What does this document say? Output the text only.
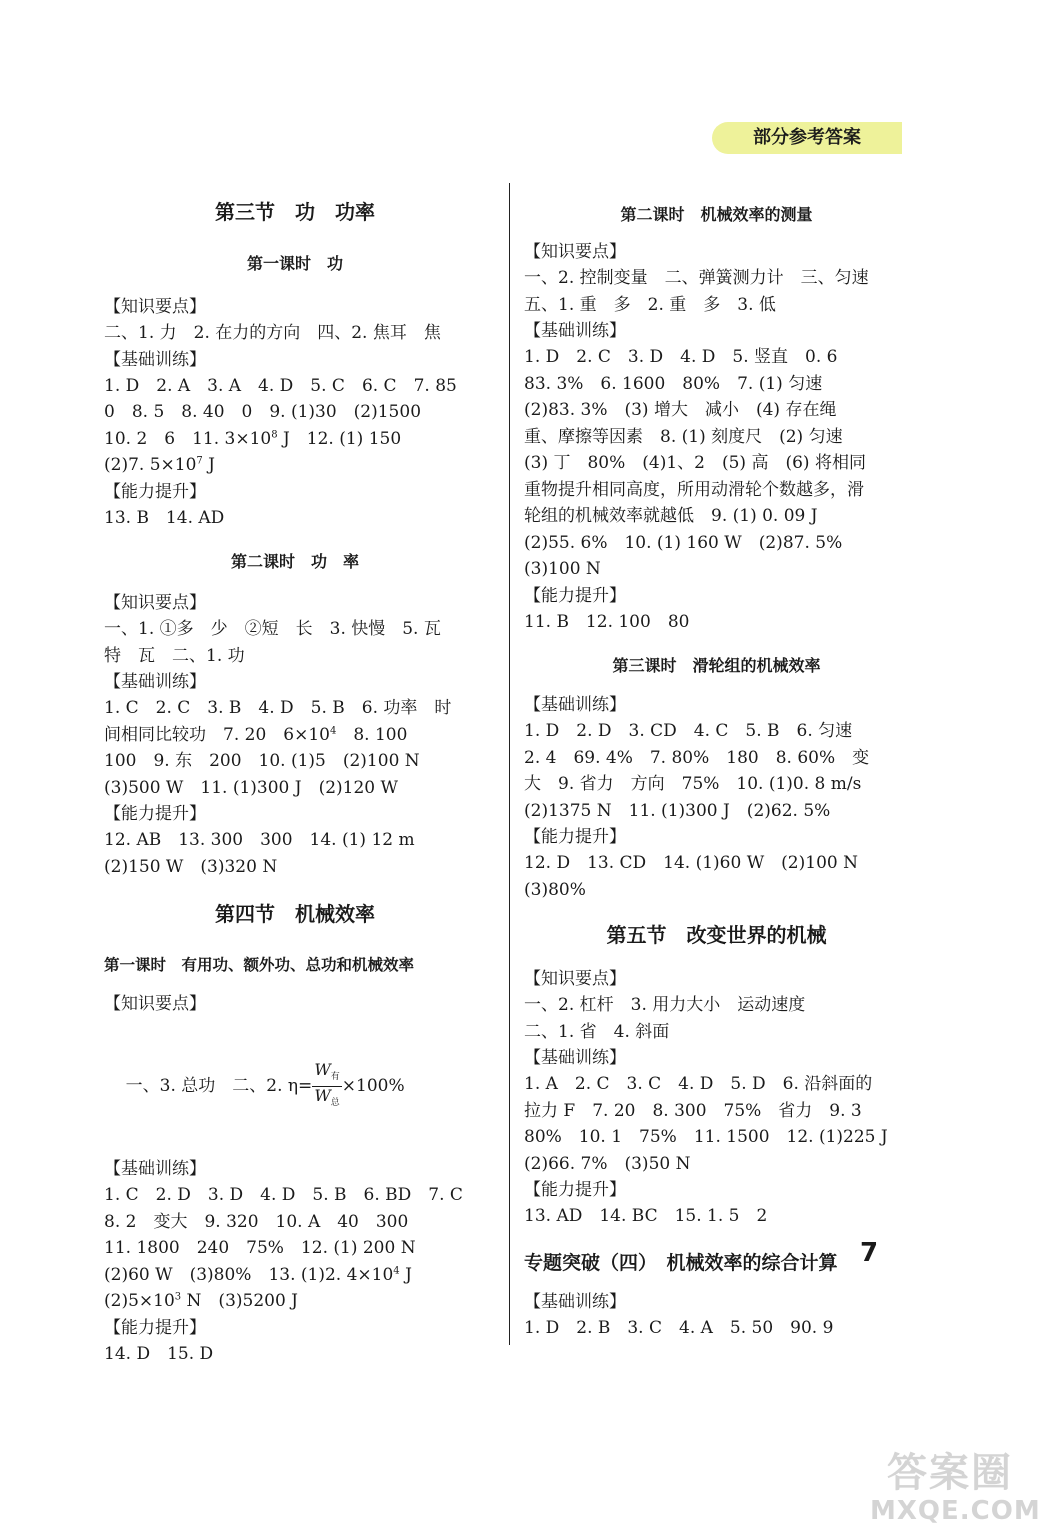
部分参考答案
第三节　功　功率
第一课时　功
【知识要点】
二、1. 力　2. 在力的方向　四、2. 焦耳　焦
【基础训练】
1. D　2. A　3. A　4. D　5. C　6. C　7. 85
0　8. 5　8. 40　0　9. (1)30　(2)1500
10. 2　6　11. $3\times 10^8$ J　12. (1) 150
(2)7. $5\times 10^7$ J
【能力提升】
13. B　14. AD
第二课时　功　率
【知识要点】
一、1. ①多　少　②短　长　3. 快慢　5. 瓦
特　瓦　二、1. 功
【基础训练】
1. C　2. C　3. B　4. D　5. B　6. 功率　时
间相同比较功　7. 20　$6\times 10^4$　8. 100
100　9. 东　200　10. (1)5　(2)100 N
(3)500 W　11. (1)300 J　(2)120 W
【能力提升】
12. AB　13. 300　300　14. (1) 12 m
(2)150 W　(3)320 N
第四节　机械效率
第一课时　有用功、额外功、总功和机械效率
【知识要点】

一、3. 总功　二、2. $\eta= \frac{W_有}{W_总} \times 100\%$

【基础训练】
1. C　2. D　3. D　4. D　5. B　6. BD　7. C
8. 2　变大　9. 320　10. A　40　300
11. 1800　240　75%　12. (1) 200 N
(2)60 W　(3)80%　13. (1)2. $4\times 10^4$ J
$(2)5\times 10^3$ N　(3)5200 J
【能力提升】
14. D　15. D
第二课时　机械效率的测量
【知识要点】
一、2. 控制变量　二、弹簧测力计　三、匀速
五、1. 重　多　2. 重　多　3. 低
【基础训练】
1. D　2. C　3. D　4. D　5. 竖直　0. 6
83. 3%　6. 1600　80%　7. (1) 匀速
(2)83. 3%　(3) 增大　减小　(4) 存在绳
重、摩擦等因素　8. (1) 刻度尺　(2) 匀速
(3) 丁　80%　(4)1、2　(5) 高　(6) 将相同
重物提升相同高度，所用动滑轮个数越多，滑
轮组的机械效率就越低　9. (1) 0. 09 J
(2)55. 6%　10. (1) 160 W　(2)87. 5%
(3)100 N
【能力提升】
11. B　12. 100　80
第三课时　滑轮组的机械效率
【基础训练】
1. D　2. D　3. CD　4. C　5. B　6. 匀速
2. 4　69. 4%　7. 80%　180　8. 60%　变
大　9. 省力　方向　75%　10. (1)0. 8 m/s
(2)1375 N　11. (1)300 J　(2)62. 5%
【能力提升】
12. D　13. CD　14. (1)60 W　(2)100 N
(3)80%
第五节　改变世界的机械
【知识要点】
一、2. 杠杆　3. 用力大小　运动速度
二、1. 省　4. 斜面
【基础训练】
1. A　2. C　3. C　4. D　5. D　6. 沿斜面的
拉力 F　7. 20　8. 300　75%　省力　9. 3
80%　10. 1　75%　11. 1500　12. (1)225 J
(2)66. 7%　(3)50 N
【能力提升】
13. AD　14. BC　15. 1. 5　2
专题突破（四）　机械效率的综合计算
【基础训练】
1. D　2. B　3. C　4. A　5. 50　90. 9
7
答案圈
MXQE.COM
